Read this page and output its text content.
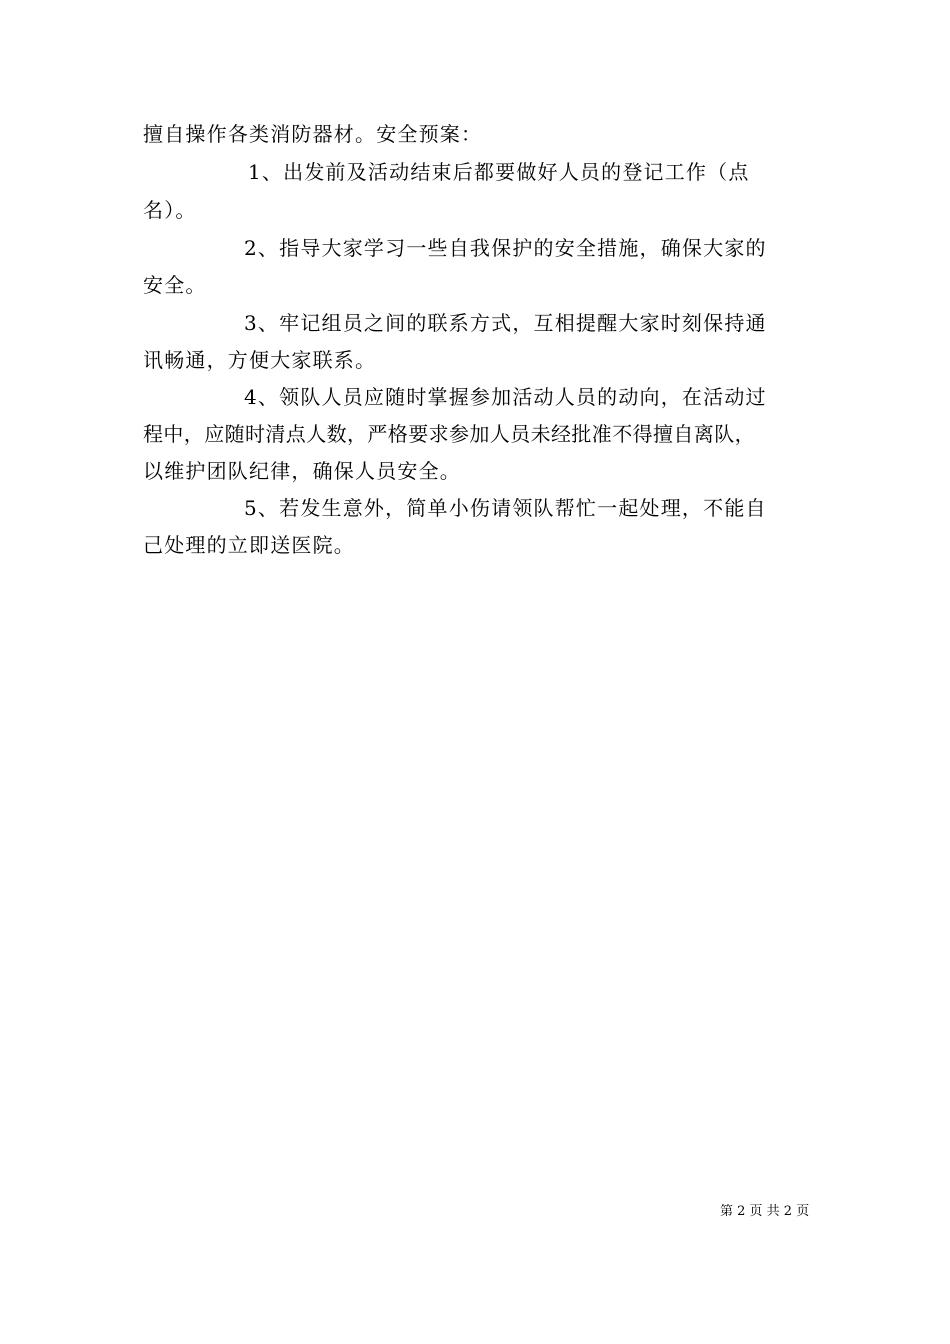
擅自操作各类消防器材。安全预案：
1、出发前及活动结束后都要做好人员的登记工作（点
名）。
2、指导大家学习一些自我保护的安全措施，确保大家的
安全。
3、牢记组员之间的联系方式，互相提醒大家时刻保持通
讯畅通，方便大家联系。
4、领队人员应随时掌握参加活动人员的动向，在活动过
程中，应随时清点人数，严格要求参加人员未经批准不得擅自离队，
以维护团队纪律，确保人员安全。
5、若发生意外，简单小伤请领队帮忙一起处理，不能自
己处理的立即送医院。
第 2 页 共 2 页
